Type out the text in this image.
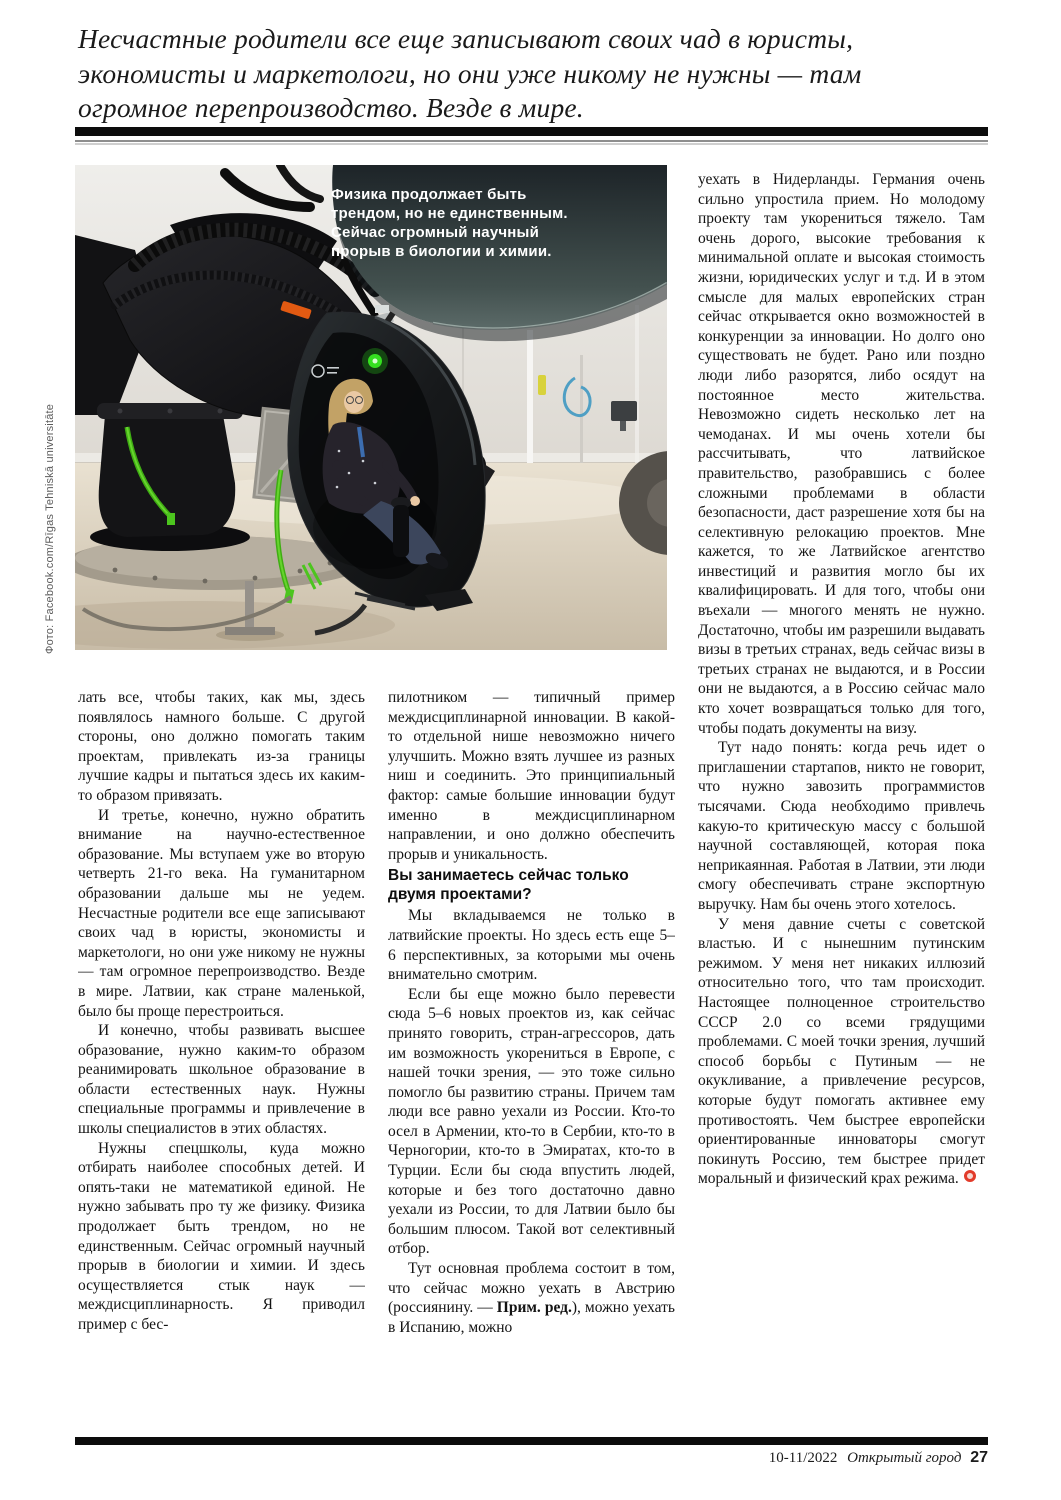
Несчастные родители все еще записывают своих чад в юристы, экономисты и маркетологи, но они уже никому не нужны — там огромное перепроизводство. Везде в мире.
Физика продолжает быть трендом, но не единственным. Сейчас огромный научный прорыв в биологии и химии.
Фото: Facebook.com/Rīgas Tehniskā universitāte

лать все, чтобы таких, как мы, здесь появлялось намного больше. С другой стороны, оно должно помогать таким проектам, привлекать из-за границы лучшие кадры и пытаться здесь их каким-то образом привязать.

И третье, конечно, нужно обратить внимание на научно-естественное образование. Мы вступаем уже во вторую четверть 21-го века. На гуманитарном образовании дальше мы не уедем. Несчастные родители все еще записывают своих чад в юристы, экономисты и маркетологи, но они уже никому не нужны — там огромное перепроизводство. Везде в мире. Латвии, как стране маленькой, было бы проще перестроиться.

И конечно, чтобы развивать высшее образование, нужно каким-то образом реанимировать школьное образование в области естественных наук. Нужны специальные программы и привлечение в школы специалистов в этих областях.

Нужны спецшколы, куда можно отбирать наиболее способных детей. И опять-таки не математикой единой. Не нужно забывать про ту же физику. Физика продолжает быть трендом, но не единственным. Сейчас огромный научный прорыв в биологии и химии. И здесь осуществляется стык наук — междисциплинарность. Я приводил пример с бес-

пилотником — типичный пример междисциплинарной инновации. В какой-то отдельной нише невозможно ничего улучшить. Можно взять лучшее из разных ниш и соединить. Это принципиальный фактор: самые большие инновации будут именно в междисциплинарном направлении, и оно должно обеспечить прорыв и уникальность.

Вы занимаетесь сейчас только двумя проектами?

Мы вкладываемся не только в латвийские проекты. Но здесь есть еще 5–6 перспективных, за которыми мы очень внимательно смотрим.

Если бы еще можно было перевести сюда 5–6 новых проектов из, как сейчас принято говорить, стран-агрессоров, дать им возможность укорениться в Европе, с нашей точки зрения, — это тоже сильно помогло бы развитию страны. Причем там люди все равно уехали из России. Кто-то осел в Армении, кто-то в Сербии, кто-то в Черногории, кто-то в Эмиратах, кто-то в Турции. Если бы сюда впустить людей, которые и без того достаточно давно уехали из России, то для Латвии было бы большим плюсом. Такой вот селективный отбор.

Тут основная проблема состоит в том, что сейчас можно уехать в Австрию (россиянину. — Прим. ред.), можно уехать в Испанию, можно

уехать в Нидерланды. Германия очень сильно упростила прием. Но молодому проекту там укорениться тяжело. Там очень дорого, высокие требования к минимальной оплате и высокая стоимость жизни, юридических услуг и т.д. И в этом смысле для малых европейских стран сейчас открывается окно возможностей в конкуренции за инновации. Но долго оно существовать не будет. Рано или поздно люди либо разорятся, либо осядут на постоянное место жительства. Невозможно сидеть несколько лет на чемоданах. И мы очень хотели бы рассчитывать, что латвийское правительство, разобравшись с более сложными проблемами в области безопасности, даст разрешение хотя бы на селективную релокацию проектов. Мне кажется, то же Латвийское агентство инвестиций и развития могло бы их квалифицировать. И для того, чтобы они въехали — многого менять не нужно. Достаточно, чтобы им разрешили выдавать визы в третьих странах, ведь сейчас визы в третьих странах не выдаются, и в России они не выдаются, а в Россию сейчас мало кто хочет возвращаться только для того, чтобы подать документы на визу.

Тут надо понять: когда речь идет о приглашении стартапов, никто не говорит, что нужно завозить программистов тысячами. Сюда необходимо привлечь какую-то критическую массу с большой научной составляющей, которая пока неприкаянная. Работая в Латвии, эти люди смогу обеспечивать стране экспортную выручку. Нам бы очень этого хотелось.

У меня давние счеты с советской властью. И с нынешним путинским режимом. У меня нет никаких иллюзий относительно того, что там происходит. Настоящее полноценное строительство СССР 2.0 со всеми грядущими проблемами. С моей точки зрения, лучший способ борьбы с Путиным — не окукливание, а привлечение ресурсов, которые будут помогать активнее ему противостоять. Чем быстрее европейски ориентированные инноваторы смогут покинуть Россию, тем быстрее придет моральный и физический крах режима.

10-11/2022 Открытый город 27
